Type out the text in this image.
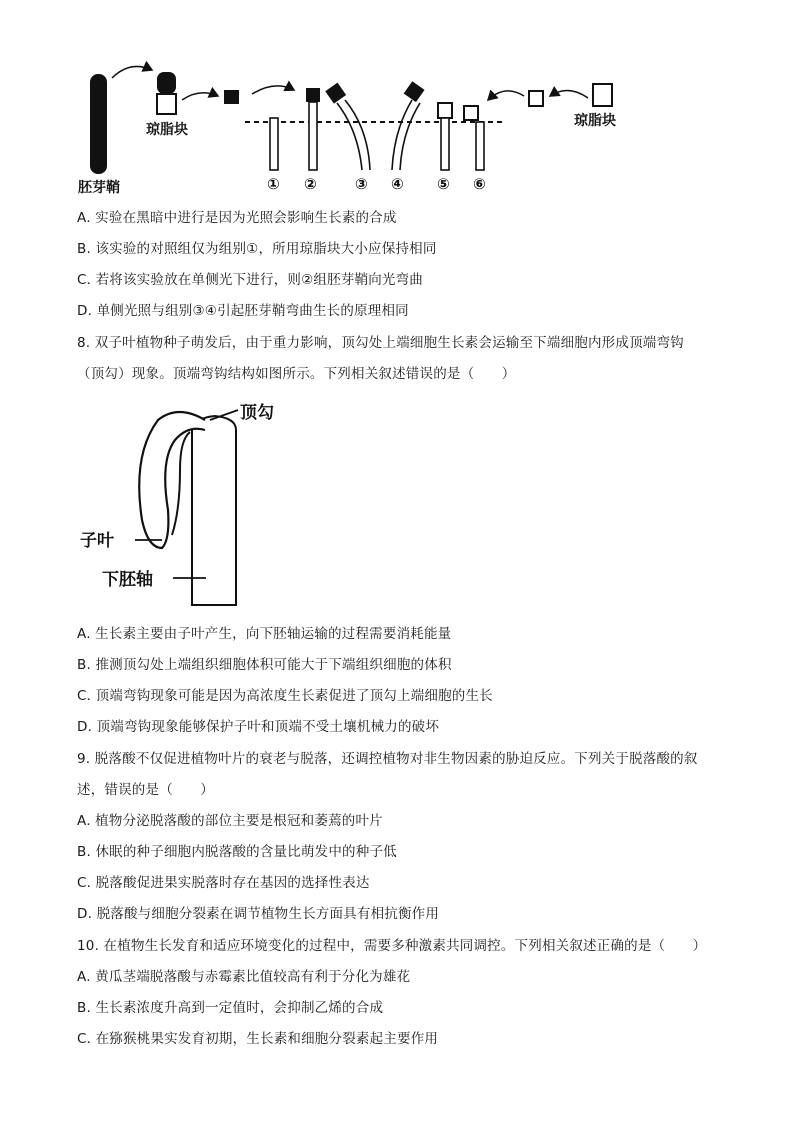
胚芽鞘
琼脂块
琼脂块
① ②	③ ④ ⑤ ⑥
A. 实验在黑暗中进行是因为光照会影响生长素的合成
B. 该实验的对照组仅为组别①，所用琼脂块大小应保持相同
C. 若将该实验放在单侧光下进行，则②组胚芽鞘向光弯曲
D. 单侧光照与组别③④引起胚芽鞘弯曲生长的原理相同
8. 双子叶植物种子萌发后，由于重力影响，顶勾处上端细胞生长素会运输至下端细胞内形成顶端弯钩
（顶勾）现象。顶端弯钩结构如图所示。下列相关叙述错误的是（　　）
顶勾
子叶
下胚轴
A. 生长素主要由子叶产生，向下胚轴运输的过程需要消耗能量
B. 推测顶勾处上端组织细胞体积可能大于下端组织细胞的体积
C. 顶端弯钩现象可能是因为高浓度生长素促进了顶勾上端细胞的生长
D. 顶端弯钩现象能够保护子叶和顶端不受土壤机械力的破坏
9. 脱落酸不仅促进植物叶片的衰老与脱落，还调控植物对非生物因素的胁迫反应。下列关于脱落酸的叙
述，错误的是（　　）
A. 植物分泌脱落酸的部位主要是根冠和萎蔫的叶片
B. 休眠的种子细胞内脱落酸的含量比萌发中的种子低
C. 脱落酸促进果实脱落时存在基因的选择性表达
D. 脱落酸与细胞分裂素在调节植物生长方面具有相抗衡作用
10. 在植物生长发育和适应环境变化的过程中，需要多种激素共同调控。下列相关叙述正确的是（　　）
A. 黄瓜茎端脱落酸与赤霉素比值较高有利于分化为雄花
B. 生长素浓度升高到一定值时，会抑制乙烯的合成
C. 在猕猴桃果实发育初期，生长素和细胞分裂素起主要作用
